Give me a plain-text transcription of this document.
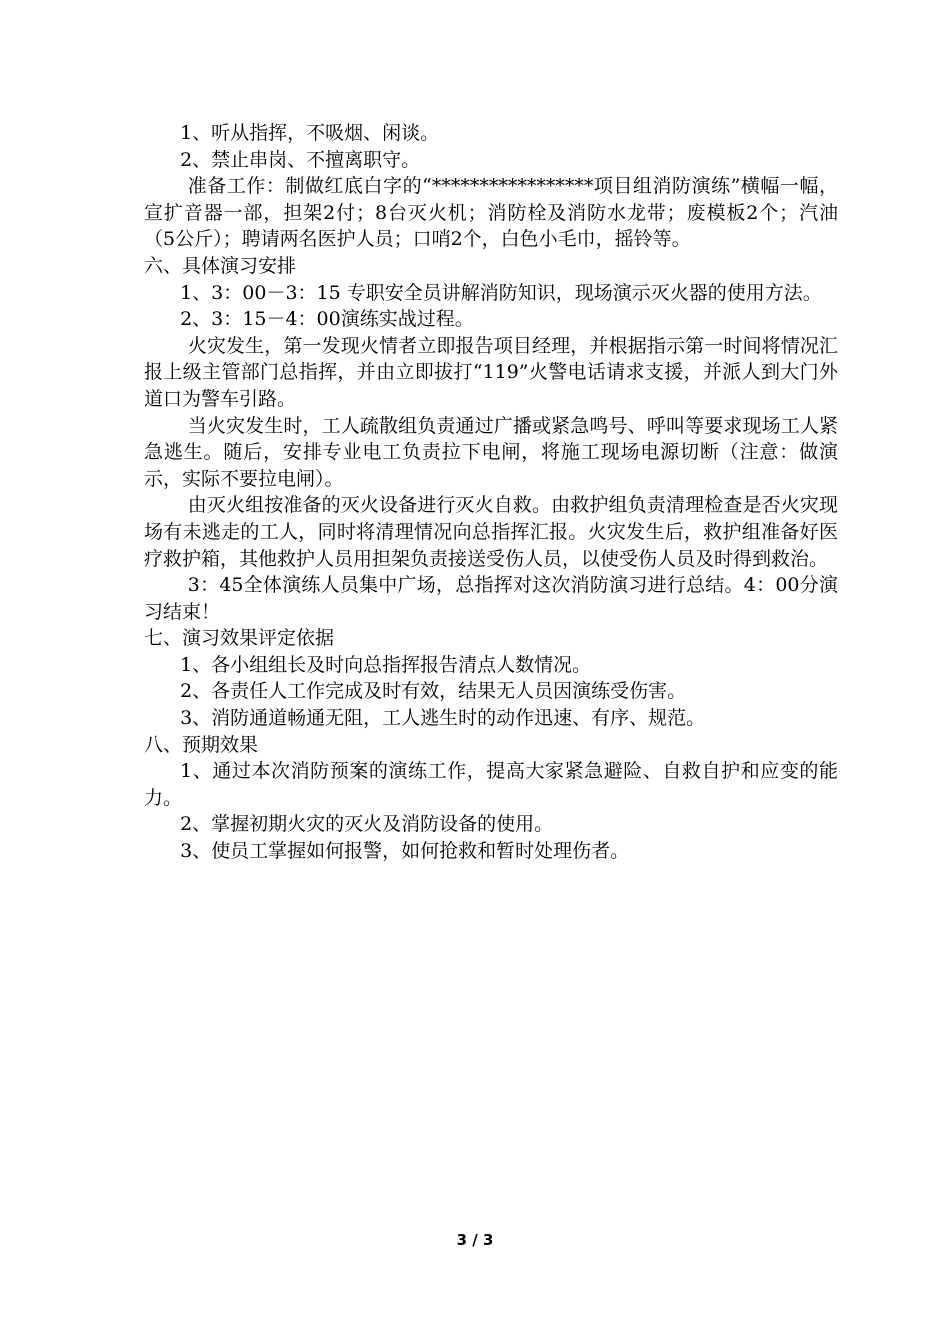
1、听从指挥，不吸烟、闲谈。

2、禁止串岗、不擅离职守。

准备工作：制做红底白字的“*****************项目组消防演练”横幅一幅，宣扩音器一部，担架2付；8台灭火机；消防栓及消防水龙带；废模板2个；汽油（5公斤）；聘请两名医护人员；口哨2个，白色小毛巾，摇铃等。

六、具体演习安排

1、3：00－3：15 专职安全员讲解消防知识，现场演示灭火器的使用方法。

2、3：15－4：00演练实战过程。

火灾发生，第一发现火情者立即报告项目经理，并根据指示第一时间将情况汇报上级主管部门总指挥，并由立即拔打“119”火警电话请求支援，并派人到大门外道口为警车引路。

当火灾发生时，工人疏散组负责通过广播或紧急鸣号、呼叫等要求现场工人紧急逃生。随后，安排专业电工负责拉下电闸，将施工现场电源切断（注意：做演示，实际不要拉电闸）。

由灭火组按准备的灭火设备进行灭火自救。由救护组负责清理检查是否火灾现场有未逃走的工人，同时将清理情况向总指挥汇报。火灾发生后，救护组准备好医疗救护箱，其他救护人员用担架负责接送受伤人员，以使受伤人员及时得到救治。

3：45全体演练人员集中广场，总指挥对这次消防演习进行总结。4：00分演习结束！

七、演习效果评定依据

1、各小组组长及时向总指挥报告清点人数情况。

2、各责任人工作完成及时有效，结果无人员因演练受伤害。

3、消防通道畅通无阻，工人逃生时的动作迅速、有序、规范。

八、预期效果

1、通过本次消防预案的演练工作，提高大家紧急避险、自救自护和应变的能力。

2、掌握初期火灾的灭火及消防设备的使用。

3、使员工掌握如何报警，如何抢救和暂时处理伤者。

3 / 3
